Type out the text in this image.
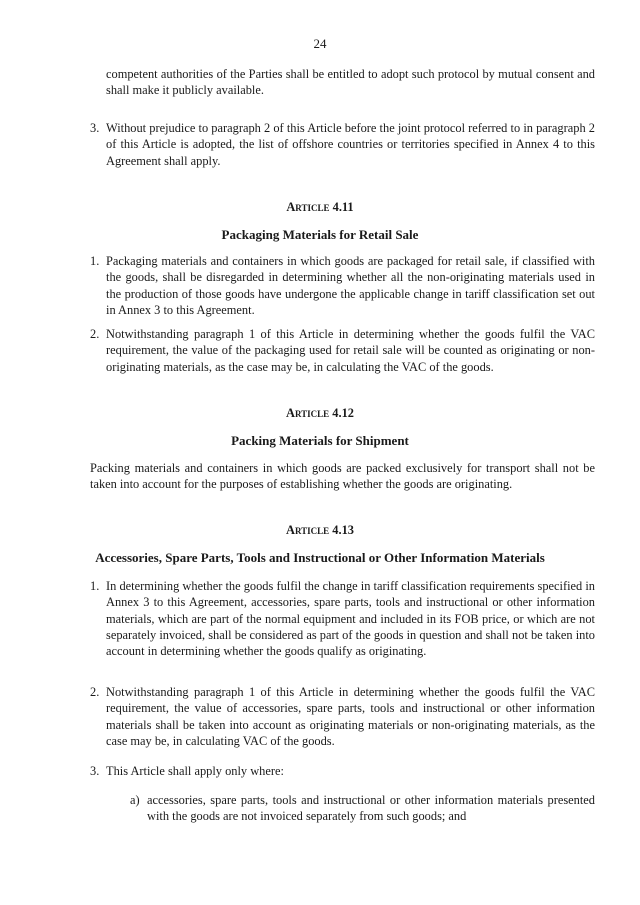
24
competent authorities of the Parties shall be entitled to adopt such protocol by mutual consent and shall make it publicly available.
3. Without prejudice to paragraph 2 of this Article before the joint protocol referred to in paragraph 2 of this Article is adopted, the list of offshore countries or territories specified in Annex 4 to this Agreement shall apply.
Article 4.11
Packaging Materials for Retail Sale
1. Packaging materials and containers in which goods are packaged for retail sale, if classified with the goods, shall be disregarded in determining whether all the non-originating materials used in the production of those goods have undergone the applicable change in tariff classification set out in Annex 3 to this Agreement.
2. Notwithstanding paragraph 1 of this Article in determining whether the goods fulfil the VAC requirement, the value of the packaging used for retail sale will be counted as originating or non-originating materials, as the case may be, in calculating the VAC of the goods.
Article 4.12
Packing Materials for Shipment
Packing materials and containers in which goods are packed exclusively for transport shall not be taken into account for the purposes of establishing whether the goods are originating.
Article 4.13
Accessories, Spare Parts, Tools and Instructional or Other Information Materials
1. In determining whether the goods fulfil the change in tariff classification requirements specified in Annex 3 to this Agreement, accessories, spare parts, tools and instructional or other information materials, which are part of the normal equipment and included in its FOB price, or which are not separately invoiced, shall be considered as part of the goods in question and shall not be taken into account in determining whether the goods qualify as originating.
2. Notwithstanding paragraph 1 of this Article in determining whether the goods fulfil the VAC requirement, the value of accessories, spare parts, tools and instructional or other information materials shall be taken into account as originating materials or non-originating materials, as the case may be, in calculating VAC of the goods.
3. This Article shall apply only where:
a) accessories, spare parts, tools and instructional or other information materials presented with the goods are not invoiced separately from such goods; and
